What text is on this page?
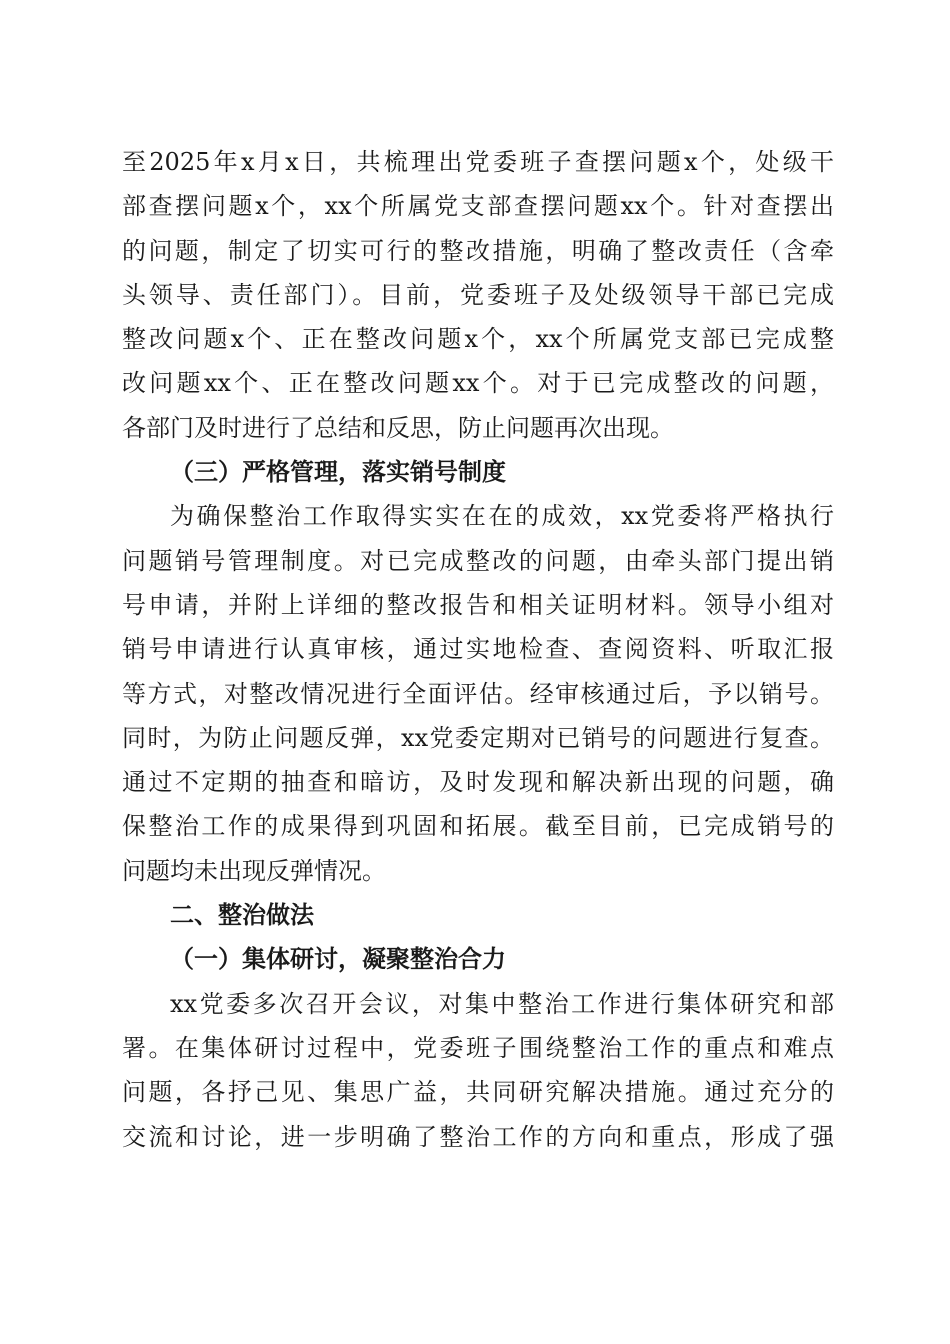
至2025年x月x日，共梳理出党委班子查摆问题x个，处级干
部查摆问题x个，xx个所属党支部查摆问题xx个。针对查摆出
的问题，制定了切实可行的整改措施，明确了整改责任（含牵
头领导、责任部门）。目前，党委班子及处级领导干部已完成
整改问题x个、正在整改问题x个，xx个所属党支部已完成整
改问题xx个、正在整改问题xx个。对于已完成整改的问题，
各部门及时进行了总结和反思，防止问题再次出现。
（三）严格管理，落实销号制度
为确保整治工作取得实实在在的成效，xx党委将严格执行
问题销号管理制度。对已完成整改的问题，由牵头部门提出销
号申请，并附上详细的整改报告和相关证明材料。领导小组对
销号申请进行认真审核，通过实地检查、查阅资料、听取汇报
等方式，对整改情况进行全面评估。经审核通过后，予以销号。
同时，为防止问题反弹，xx党委定期对已销号的问题进行复查。
通过不定期的抽查和暗访，及时发现和解决新出现的问题，确
保整治工作的成果得到巩固和拓展。截至目前，已完成销号的
问题均未出现反弹情况。
二、整治做法
（一）集体研讨，凝聚整治合力
xx党委多次召开会议，对集中整治工作进行集体研究和部
署。在集体研讨过程中，党委班子围绕整治工作的重点和难点
问题，各抒己见、集思广益，共同研究解决措施。通过充分的
交流和讨论，进一步明确了整治工作的方向和重点，形成了强
